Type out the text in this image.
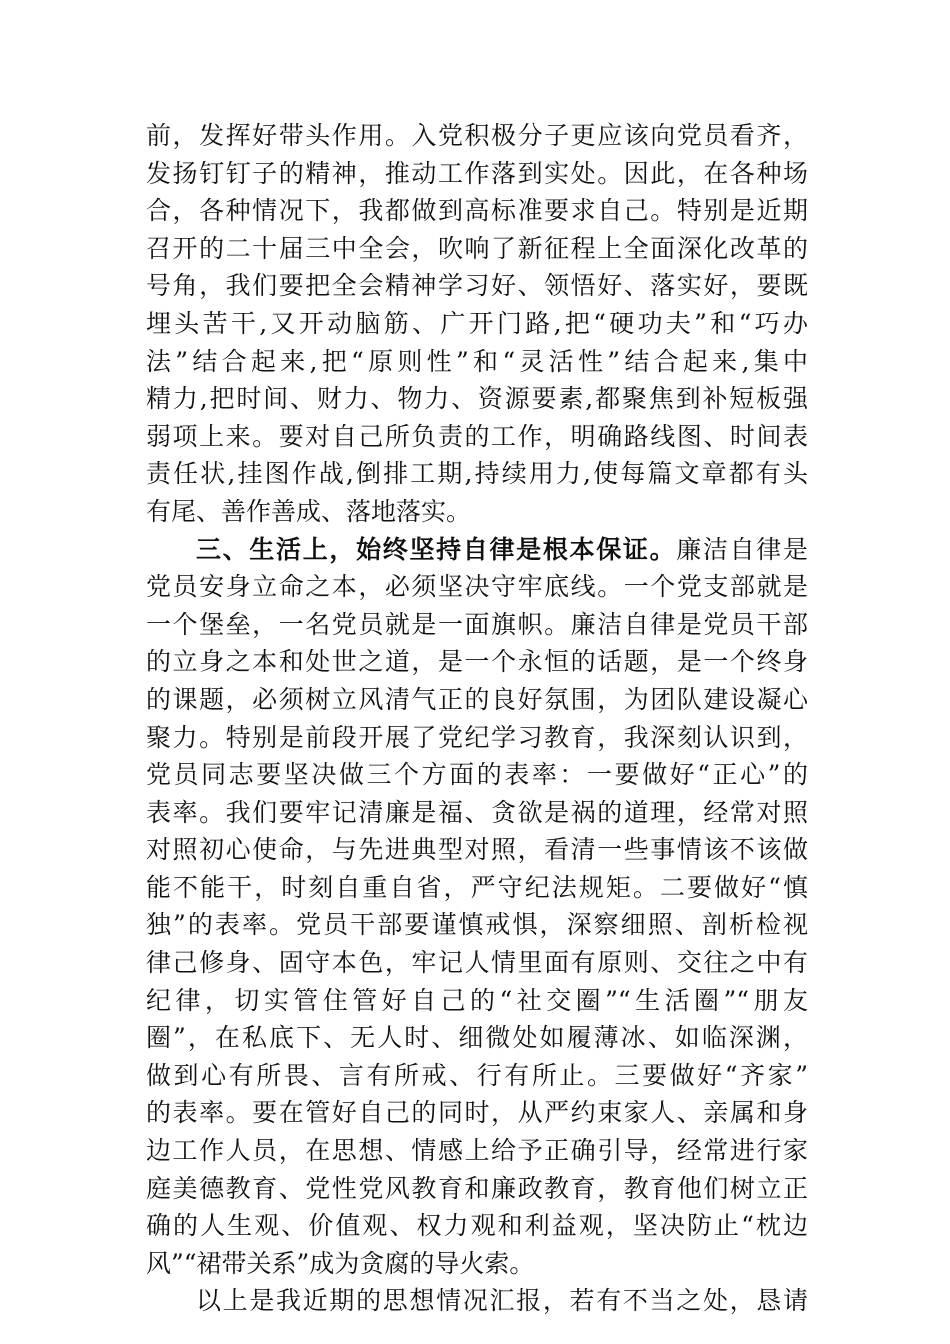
前，发挥好带头作用。入党积极分子更应该向党员看齐，
发扬钉钉子的精神，推动工作落到实处。因此，在各种场
合，各种情况下，我都做到高标准要求自己。特别是近期
召开的二十届三中全会，吹响了新征程上全面深化改革的
号角，我们要把全会精神学习好、领悟好、落实好，要既
埋头苦干,又开动脑筋、广开门路,把“硬功夫”和“巧办
法”结合起来,把“原则性”和“灵活性”结合起来,集中
精力,把时间、财力、物力、资源要素,都聚焦到补短板强
弱项上来。要对自己所负责的工作，明确路线图、时间表
责任状,挂图作战,倒排工期,持续用力,使每篇文章都有头
有尾、善作善成、落地落实。
三、生活上，始终坚持自律是根本保证。廉洁自律是
党员安身立命之本，必须坚决守牢底线。一个党支部就是
一个堡垒，一名党员就是一面旗帜。廉洁自律是党员干部
的立身之本和处世之道，是一个永恒的话题，是一个终身
的课题，必须树立风清气正的良好氛围，为团队建设凝心
聚力。特别是前段开展了党纪学习教育，我深刻认识到，
党员同志要坚决做三个方面的表率：一要做好“正心”的
表率。我们要牢记清廉是福、贪欲是祸的道理，经常对照
对照初心使命，与先进典型对照，看清一些事情该不该做
能不能干，时刻自重自省，严守纪法规矩。二要做好“慎
独”的表率。党员干部要谨慎戒惧，深察细照、剖析检视
律己修身、固守本色，牢记人情里面有原则、交往之中有
纪律，切实管住管好自己的“社交圈”“生活圈”“朋友
圈”，在私底下、无人时、细微处如履薄冰、如临深渊，
做到心有所畏、言有所戒、行有所止。三要做好“齐家”
的表率。要在管好自己的同时，从严约束家人、亲属和身
边工作人员，在思想、情感上给予正确引导，经常进行家
庭美德教育、党性党风教育和廉政教育，教育他们树立正
确的人生观、价值观、权力观和利益观，坚决防止“枕边
风”“裙带关系”成为贪腐的导火索。
以上是我近期的思想情况汇报，若有不当之处，恳请
